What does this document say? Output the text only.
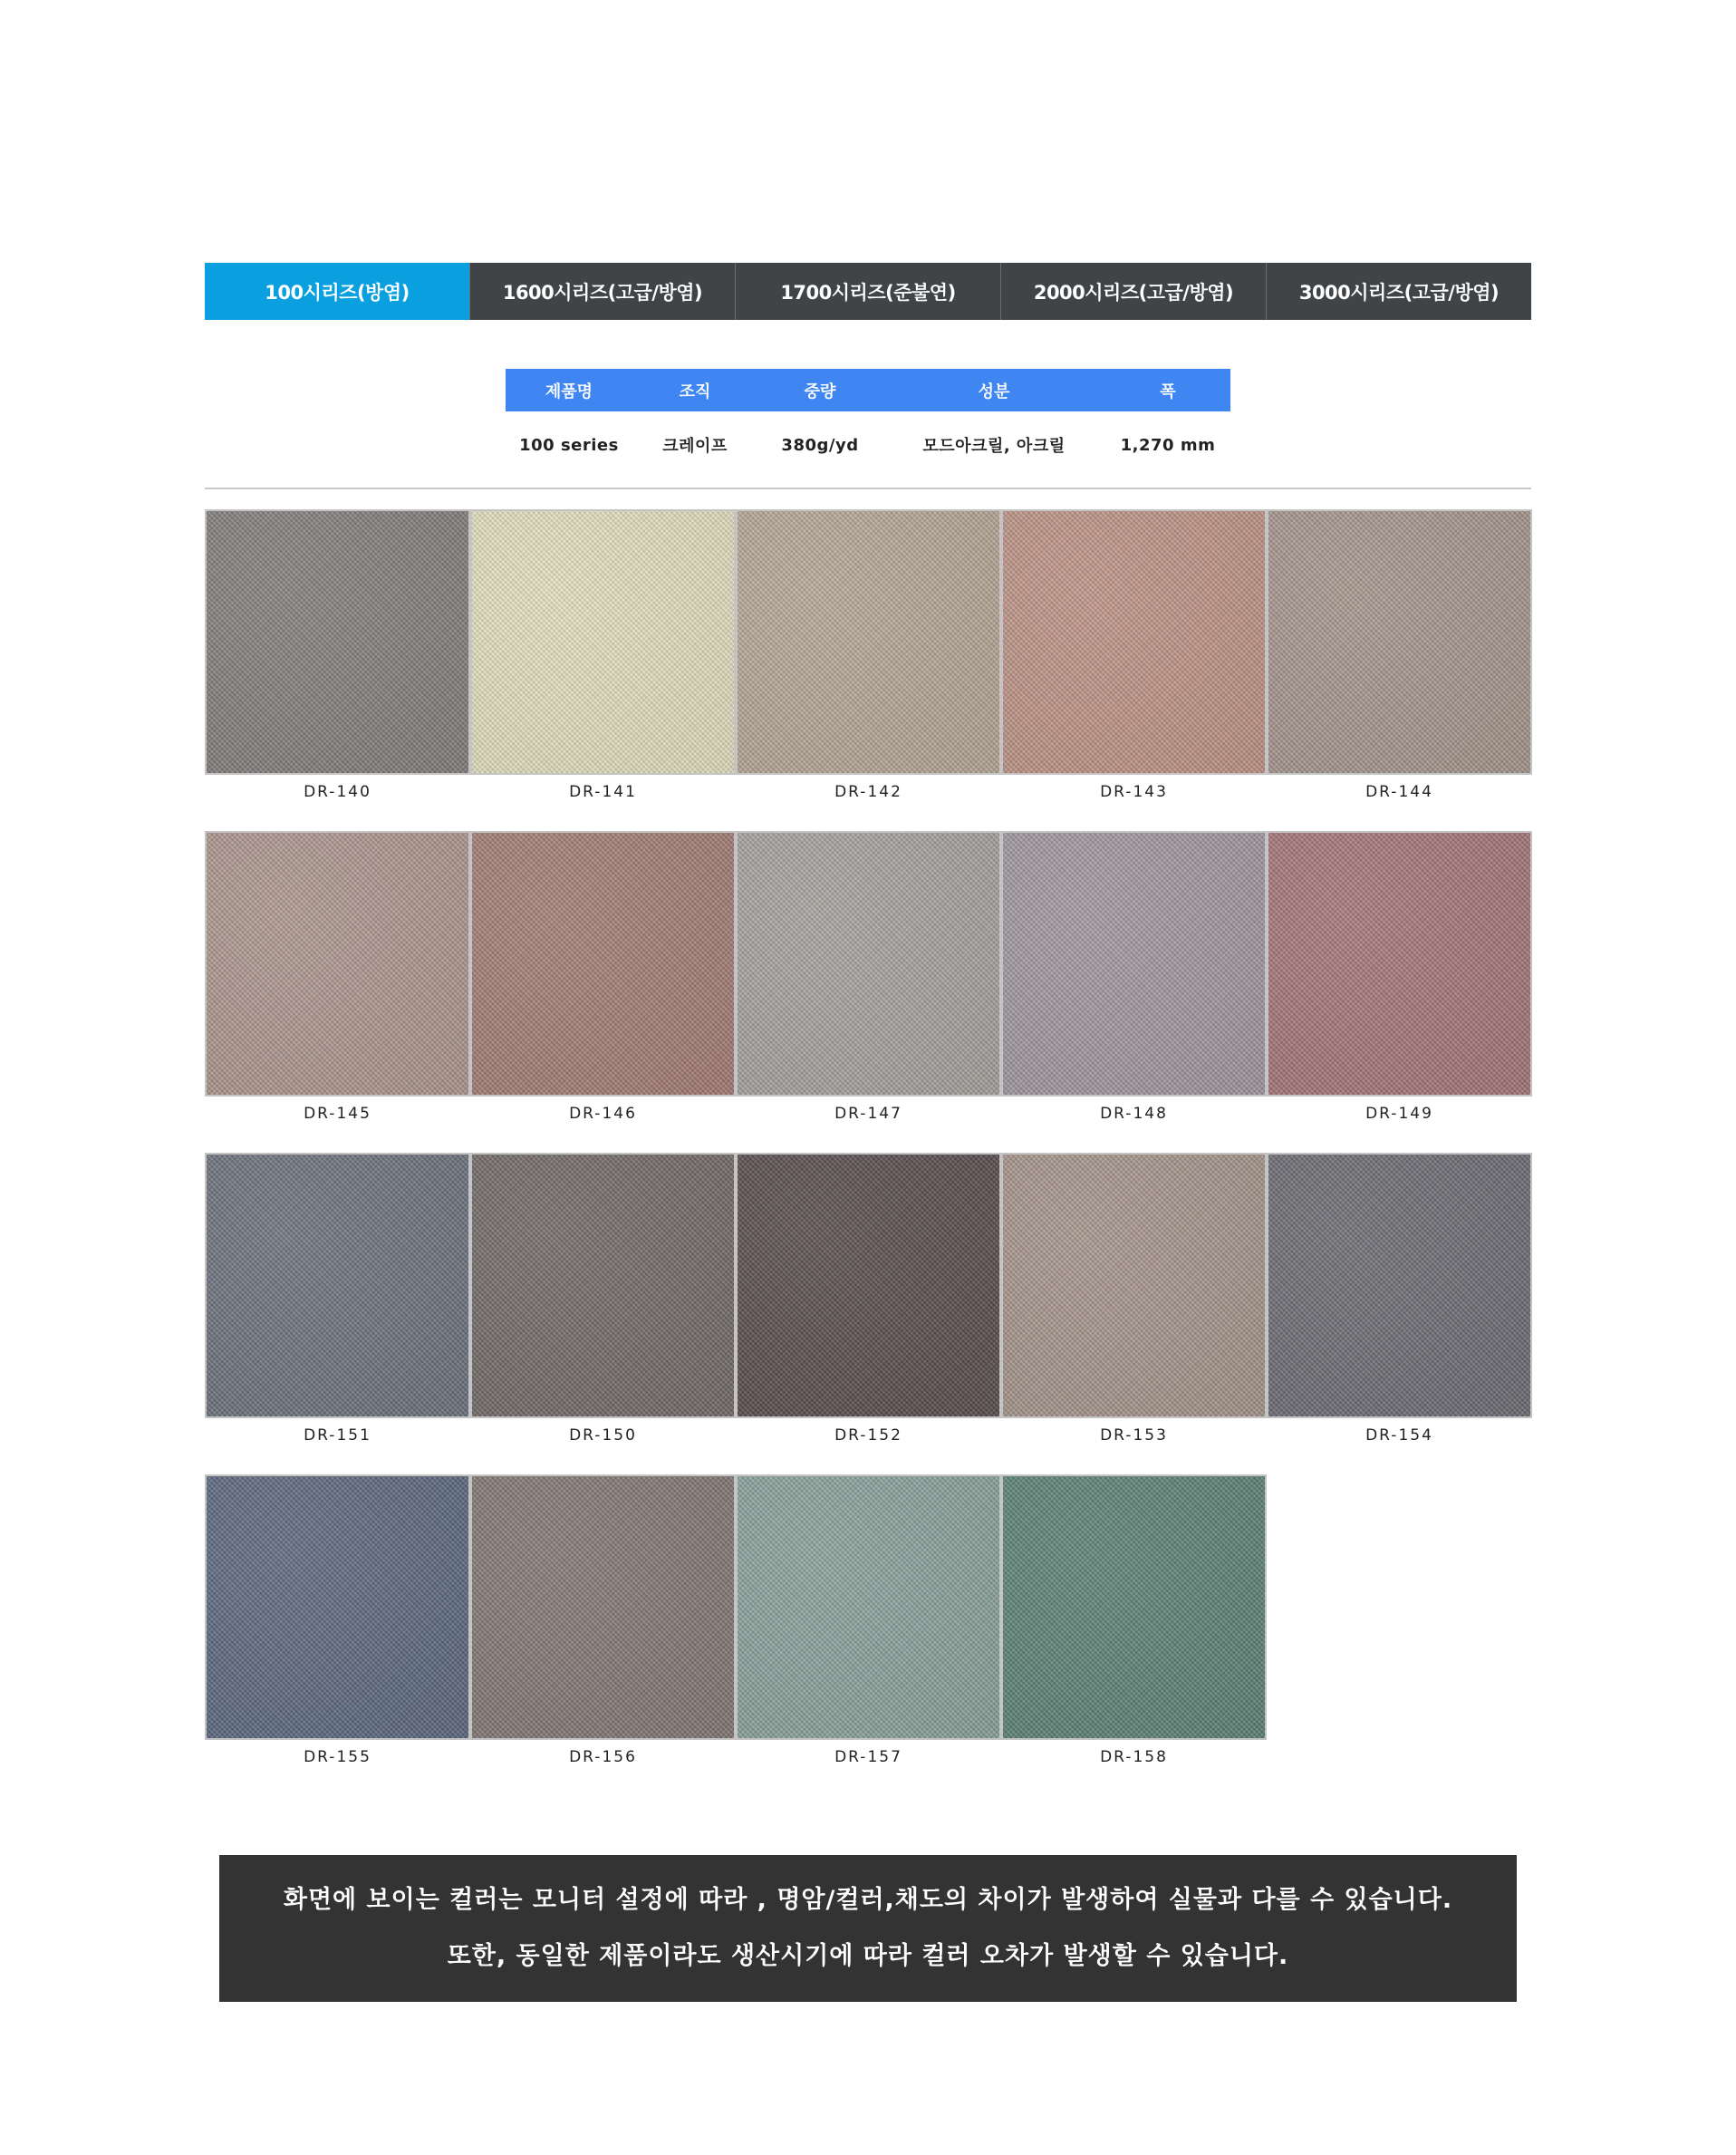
100시리즈(방염)	1600시리즈(고급/방염)	1700시리즈(준불연)	2000시리즈(고급/방염)	3000시리즈(고급/방염)
제품명	조직	중량	성분	폭
100 series	크레이프	380g/yd	모드아크릴, 아크릴	1,270 mm
DR-140	DR-141	DR-142	DR-143	DR-144
DR-145	DR-146	DR-147	DR-148	DR-149
DR-151	DR-150	DR-152	DR-153	DR-154
DR-155	DR-156	DR-157	DR-158
화면에 보이는 컬러는 모니터 설정에 따라 , 명암/컬러,채도의 차이가 발생하여 실물과 다를 수 있습니다.
또한, 동일한 제품이라도 생산시기에 따라 컬러 오차가 발생할 수 있습니다.
